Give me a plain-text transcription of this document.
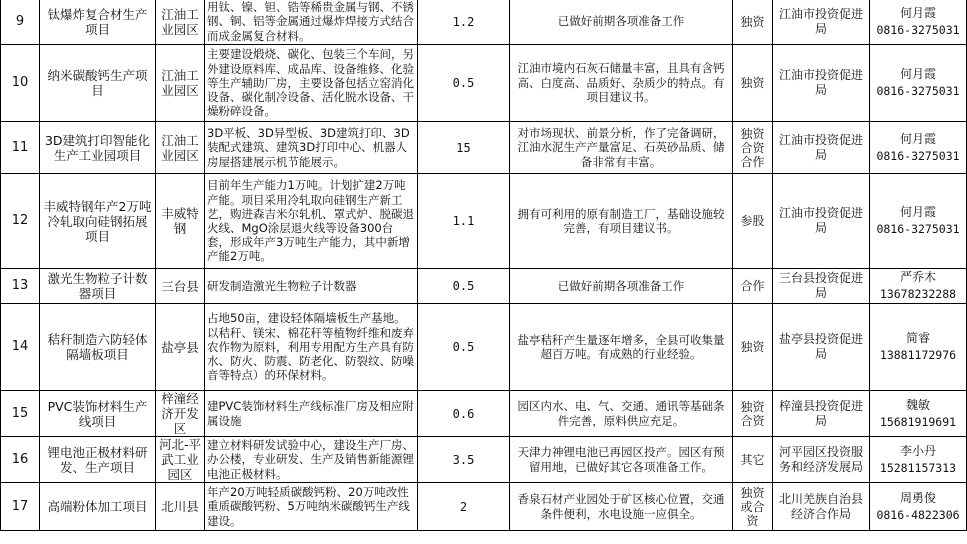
9	钛爆炸复合材生产项目	江油工业园区	用钛、镍、钽、锆等稀贵金属与钢、不锈钢、铜、铝等金属通过爆炸焊接方式结合而成金属复合材料。	1.2	已做好前期各项准备工作	独资	江油市投资促进局	何月霞
0816-3275031

10	纳米碳酸钙生产项目	江油工业园区	主要建设煅烧、碳化、包装三个车间，另外建设原料库、成品库、设备维修、化验等生产辅助厂房，主要设备包括立窑消化设备、碳化制冷设备、活化脱水设备、干燥粉碎设备。	0.5	江油市境内石灰石储量丰富，且具有含钙高、白度高、品质好、杂质少的特点。有项目建议书。	独资	江油市投资促进局	何月霞
0816-3275031

11	3D建筑打印智能化生产工业园项目	江油工业园区	3D平板、3D异型板、3D建筑打印、3D装配式建筑、建筑3D打印中心、机器人房屋搭建展示机节能展示。	15	对市场现状、前景分析，作了完备调研，江油水泥生产产量富足、石英砂品质、储备非常有丰富。	独资合资合作	江油市投资促进局	何月霞
0816-3275031

12	丰威特钢年产2万吨冷轧取向硅钢拓展项目	丰威特钢	目前年生产能力1万吨。计划扩建2万吨产能。项目采用冷轧取向硅钢生产新工艺，购进森吉米尔轧机、罩式炉、脱碳退火线、MgO涂层退火线等设备300台套，形成年产3万吨生产能力，其中新增产能2万吨。	1.1	拥有可利用的原有制造工厂，基础设施较完善，有项目建议书。	参股	江油市投资促进局	何月霞
0816-3275031

13	激光生物粒子计数器项目	三台县	研发制造激光生物粒子计数器	0.5	已做好前期各项准备工作	合作	三台县投资促进局	严乔木
13678232288

14	秸秆制造六防轻体隔墙板项目	盐亭县	占地50亩，建设轻体隔墙板生产基地。以秸秆、镁宋、棉花秆等植物纤维和废弃农作物为原料，利用专用配方生产具有防水、防火、防震、防老化、防裂纹、防噪音等特点）的环保材料。	0.5	盐亭秸秆产生量逐年增多，全县可收集量超百万吨。有成熟的行业经验。	独资	盐亭县投资促进局	简睿
13881172976

15	PVC装饰材料生产线项目	梓潼经济开发区	建PVC装饰材料生产线标准厂房及相应附属设施	0.6	园区内水、电、气、交通、通讯等基础条件完善，原料供应充足。	独资合资	梓潼县投资促进局	魏敏
15681919691

16	锂电池正极材料研发、生产项目	河北-平武工业园区	建立材料研发试验中心，建设生产厂房、办公楼，专业研发、生产及销售新能源锂电池正极材料。	3.5	天津力神锂电池已再园区投产。园区有预留用地，已做好其它各项准备工作。	其它	河平园区投资服务和经济发展局	李小丹
15281157313

17	高端粉体加工项目	北川县	年产20万吨轻质碳酸钙粉、20万吨改性重质碳酸钙粉、5万吨纳米碳酸钙生产线建设。	2	香泉石材产业园处于矿区核心位置，交通条件便利，水电设施一应俱全。	独资或合资	北川羌族自治县经济合作局	周勇俊
0816-4822306
